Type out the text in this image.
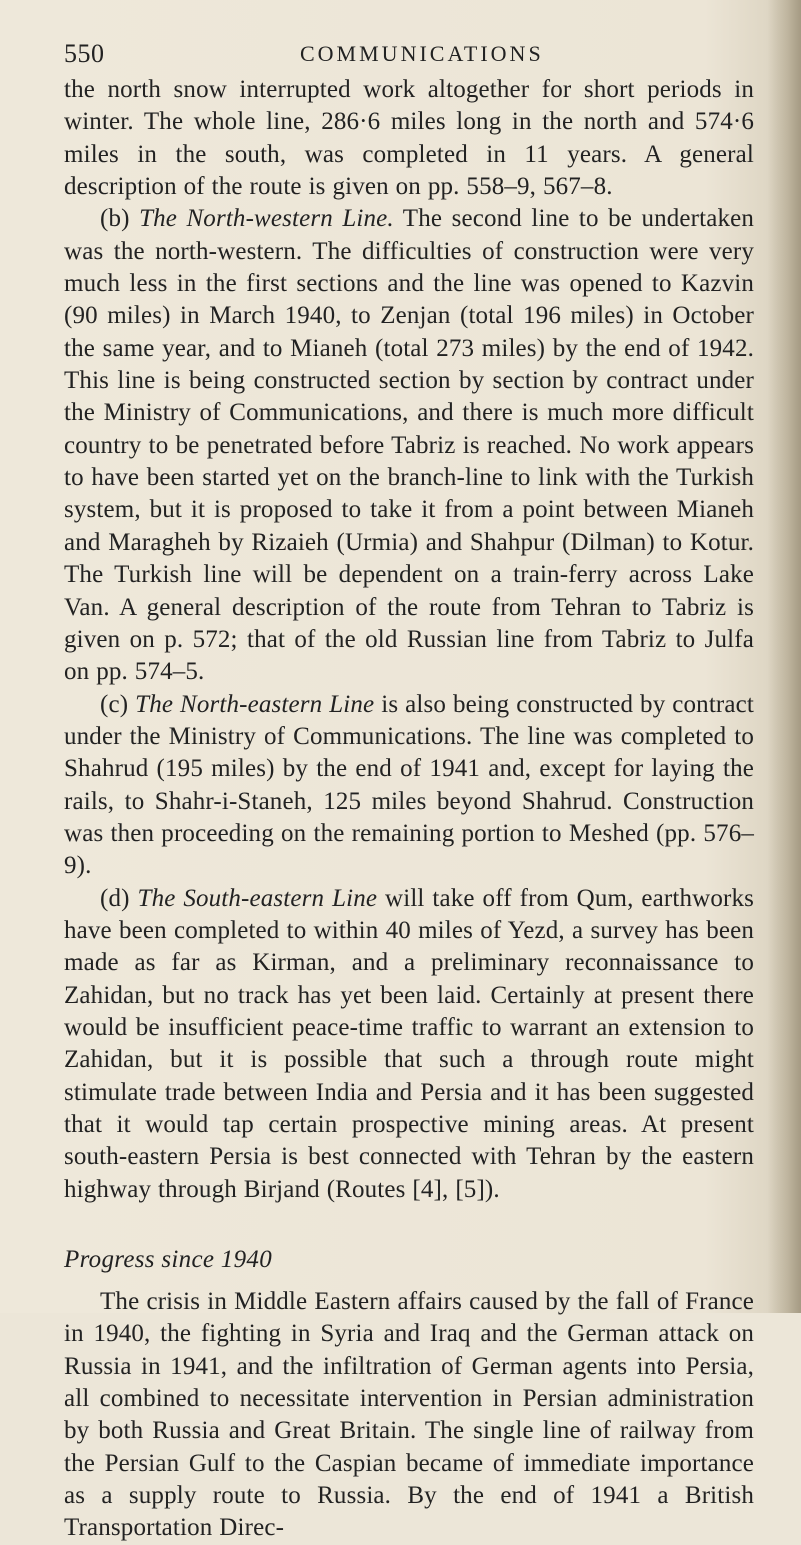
550	COMMUNICATIONS

the north snow interrupted work altogether for short periods in winter. The whole line, 286·6 miles long in the north and 574·6 miles in the south, was completed in 11 years. A general description of the route is given on pp. 558–9, 567–8.

(b) The North-western Line. The second line to be undertaken was the north-western. The difficulties of construction were very much less in the first sections and the line was opened to Kazvin (90 miles) in March 1940, to Zenjan (total 196 miles) in October the same year, and to Mianeh (total 273 miles) by the end of 1942. This line is being constructed section by section by contract under the Ministry of Communications, and there is much more difficult country to be penetrated before Tabriz is reached. No work appears to have been started yet on the branch-line to link with the Turkish system, but it is proposed to take it from a point between Mianeh and Maragheh by Rizaieh (Urmia) and Shahpur (Dilman) to Kotur. The Turkish line will be dependent on a train-ferry across Lake Van. A general description of the route from Tehran to Tabriz is given on p. 572; that of the old Russian line from Tabriz to Julfa on pp. 574–5.

(c) The North-eastern Line is also being constructed by contract under the Ministry of Communications. The line was completed to Shahrud (195 miles) by the end of 1941 and, except for laying the rails, to Shahr-i-Staneh, 125 miles beyond Shahrud. Construction was then proceeding on the remaining portion to Meshed (pp. 576–9).

(d) The South-eastern Line will take off from Qum, earthworks have been completed to within 40 miles of Yezd, a survey has been made as far as Kirman, and a preliminary reconnaissance to Zahidan, but no track has yet been laid. Certainly at present there would be insufficient peace-time traffic to warrant an extension to Zahidan, but it is possible that such a through route might stimulate trade between India and Persia and it has been suggested that it would tap certain prospective mining areas. At present south-eastern Persia is best connected with Tehran by the eastern highway through Birjand (Routes [4], [5]).

Progress since 1940

The crisis in Middle Eastern affairs caused by the fall of France in 1940, the fighting in Syria and Iraq and the German attack on Russia in 1941, and the infiltration of German agents into Persia, all combined to necessitate intervention in Persian administration by both Russia and Great Britain. The single line of railway from the Persian Gulf to the Caspian became of immediate importance as a supply route to Russia. By the end of 1941 a British Transportation Direc-
